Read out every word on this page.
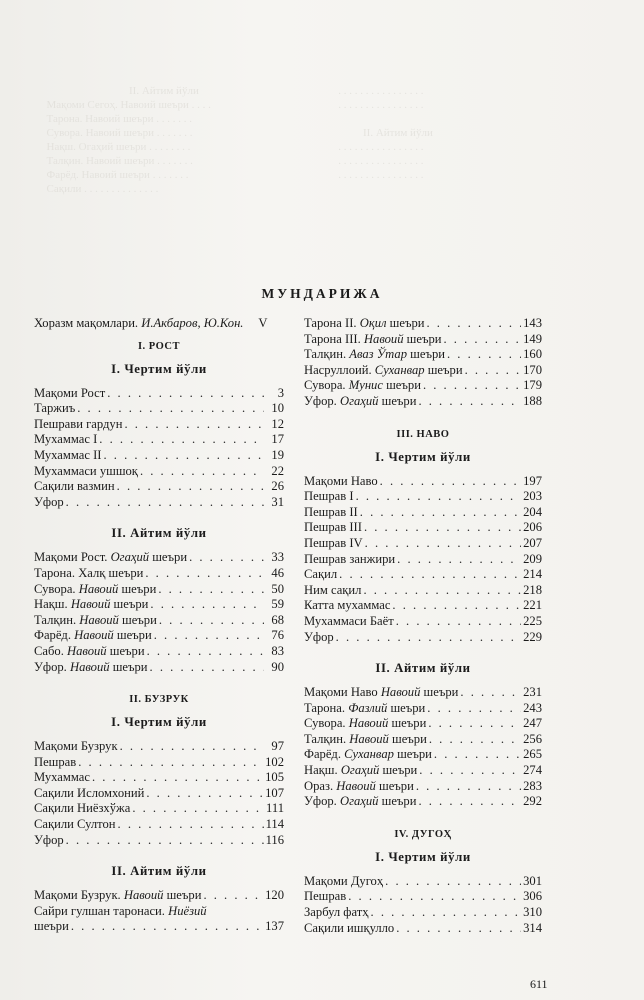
II. Айтим йўли
Мақоми Сегоҳ. Навоий шеъри . . . .
Тарона. Навоий шеъри . . . . . . .
Сувора. Навоий шеъри . . . . . . .
Нақш. Огаҳий шеъри . . . . . . . .
Талқин. Навоий шеъри . . . . . . .
Фарёд. Навоий шеъри . . . . . . .
Сақили . . . . . . . . . . . . . .

. . . . . . . . . . . . . . . .
. . . . . . . . . . . . . . . .

II. Айтим йўли
. . . . . . . . . . . . . . . .
. . . . . . . . . . . . . . . .
. . . . . . . . . . . . . . . .

МУНДАРИЖА
Хоразм мақомлари. И.Акбаров, Ю.Кон.	V
I. РОСТ
I. Чертим йўли
Мақоми Рост . . .	3
Таржиъ . . .	10
Пешрави гардун . . .	12
Мухаммас I . . .	17
Мухаммас II . . .	19
Мухаммаси ушшоқ . . .	22
Сақили вазмин . . .	26
Уфор . . .	31
II. Айтим йўли
Мақоми Рост. Огаҳий шеъри . . .	33
Тарона. Халқ шеъри . . .	46
Сувора. Навоий шеъри . . .	50
Нақш. Навоий шеъри . . .	59
Талқин. Навоий шеъри . . .	68
Фарёд. Навоий шеъри . . .	76
Сабо. Навоий шеъри . . .	83
Уфор. Навоий шеъри . . .	90
II. БУЗРУК
I. Чертим йўли
Мақоми Бузрук . . .	97
Пешрав . . .	102
Мухаммас . . .	105
Сақили Исломхоний . . .	107
Сақили Ниёзхўжа . . .	111
Сақили Султон . . .	114
Уфор . . .	116
II. Айтим йўли
Мақоми Бузрук. Навоий шеъри . . .	120
Сайри гулшан таронаси. Ниёзий
шеъри . . .	137
Тарона II. Оқил шеъри . . .	143
Тарона III. Навоий шеъри . . .	149
Талқин. Аваз Ўтар шеъри . . .	160
Насруллоий. Суханвар шеъри . . .	170
Сувора. Мунис шеъри . . .	179
Уфор. Огаҳий шеъри . . .	188
III. НАВО
I. Чертим йўли
Мақоми Наво . . .	197
Пешрав I . . .	203
Пешрав II . . .	204
Пешрав III . . .	206
Пешрав IV . . .	207
Пешрав занжири . . .	209
Сақил . . .	214
Ним сақил . . .	218
Катта мухаммас . . .	221
Мухаммаси Баёт . . .	225
Уфор . . .	229
II. Айтим йўли
Мақоми Наво Навоий шеъри . . .	231
Тарона. Фазлий шеъри . . .	243
Сувора. Навоий шеъри . . .	247
Талқин. Навоий шеъри . . .	256
Фарёд. Суханвар шеъри . . .	265
Нақш. Огаҳий шеъри . . .	274
Ораз. Навоий шеъри . . .	283
Уфор. Огаҳий шеъри . . .	292
IV. ДУГОҲ
I. Чертим йўли
Мақоми Дугоҳ . . .	301
Пешрав . . .	306
Зарбул фатҳ . . .	310
Сақили ишқулло . . .	314
611
